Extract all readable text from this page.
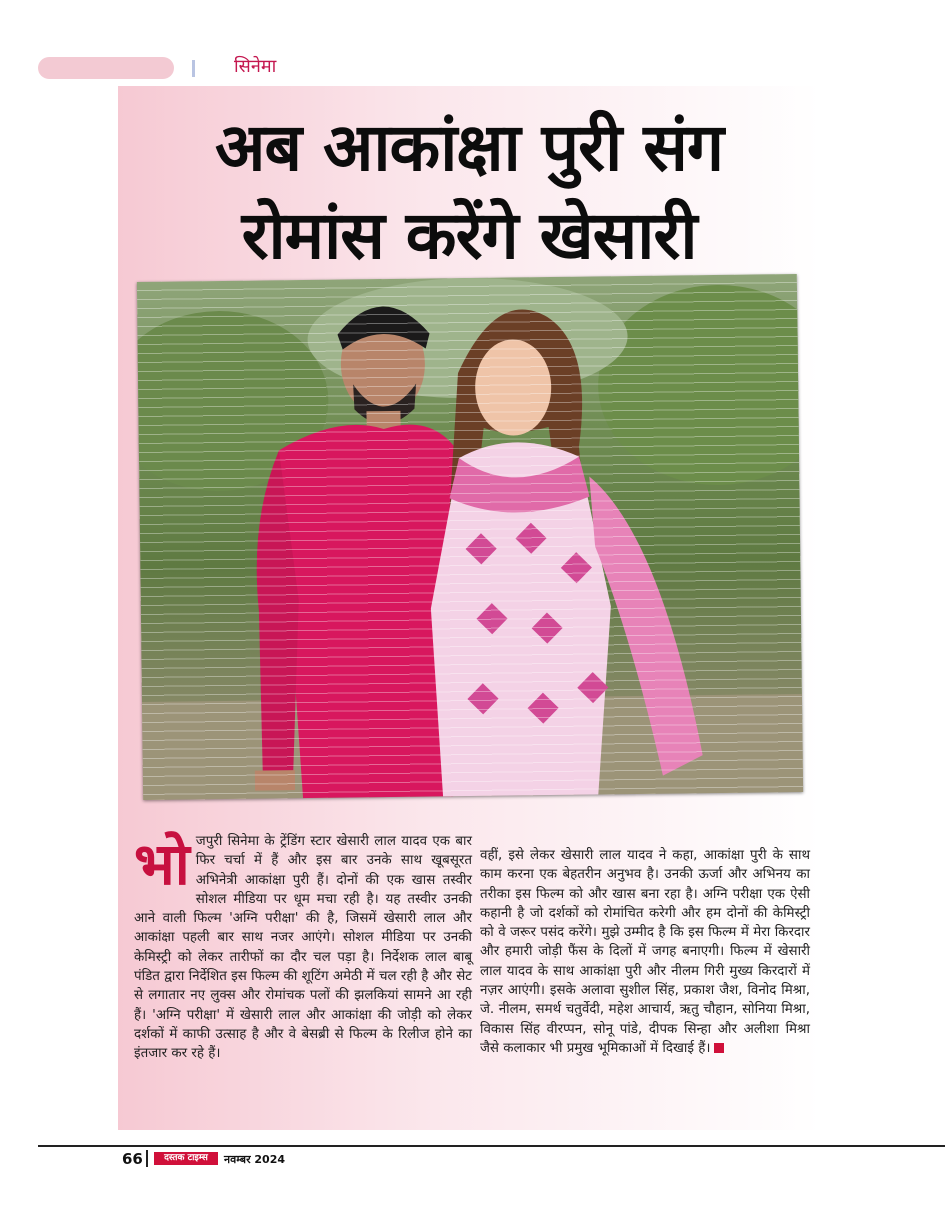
सिनेमा
अब आकांक्षा पुरी संग
रोमांस करेंगे खेसारी
भोजपुरी सिनेमा के ट्रेंडिंग स्टार खेसारी लाल यादव एक बार फिर चर्चा में हैं और इस बार उनके साथ खूबसूरत अभिनेत्री आकांक्षा पुरी हैं। दोनों की एक खास तस्वीर सोशल मीडिया पर धूम मचा रही है। यह तस्वीर उनकी आने वाली फिल्म 'अग्नि परीक्षा' की है, जिसमें खेसारी लाल और आकांक्षा पहली बार साथ नजर आएंगे। सोशल मीडिया पर उनकी केमिस्ट्री को लेकर तारीफों का दौर चल पड़ा है। निर्देशक लाल बाबू पंडित द्वारा निर्देशित इस फिल्म की शूटिंग अमेठी में चल रही है और सेट से लगातार नए लुक्स और रोमांचक पलों की झलकियां सामने आ रही हैं। 'अग्नि परीक्षा' में खेसारी लाल और आकांक्षा की जोड़ी को लेकर दर्शकों में काफी उत्साह है और वे बेसब्री से फिल्म के रिलीज होने का इंतजार कर रहे हैं।
वहीं, इसे लेकर खेसारी लाल यादव ने कहा, आकांक्षा पुरी के साथ काम करना एक बेहतरीन अनुभव है। उनकी ऊर्जा और अभिनय का तरीका इस फिल्म को और खास बना रहा है। अग्नि परीक्षा एक ऐसी कहानी है जो दर्शकों को रोमांचित करेगी और हम दोनों की केमिस्ट्री को वे जरूर पसंद करेंगे। मुझे उम्मीद है कि इस फिल्म में मेरा किरदार और हमारी जोड़ी फैंस के दिलों में जगह बनाएगी। फिल्म में खेसारी लाल यादव के साथ आकांक्षा पुरी और नीलम गिरी मुख्य किरदारों में नज़र आएंगी। इसके अलावा सुशील सिंह, प्रकाश जैश, विनोद मिश्रा, जे. नीलम, समर्थ चतुर्वेदी, महेश आचार्य, ऋतु चौहान, सोनिया मिश्रा, विकास सिंह वीरप्पन, सोनू पांडे, दीपक सिन्हा और अलीशा मिश्रा जैसे कलाकार भी प्रमुख भूमिकाओं में दिखाई हैं।
66	दस्तक टाइम्स	नवम्बर 2024
